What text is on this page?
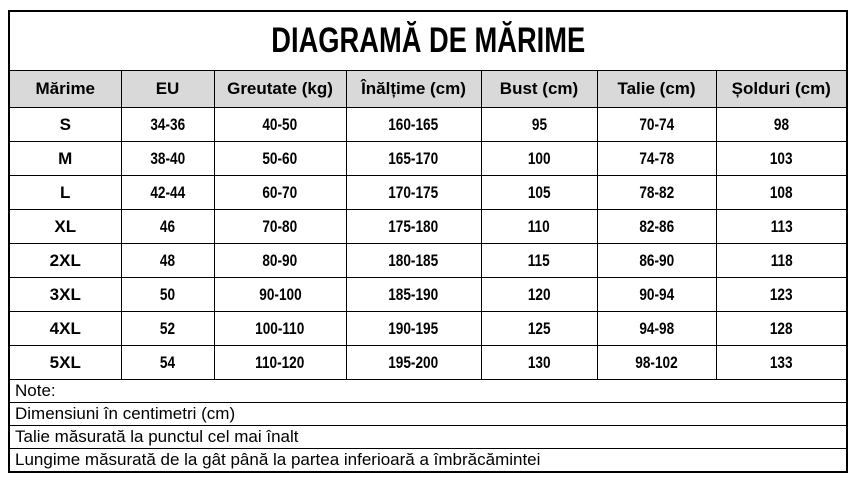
DIAGRAMĂ DE MĂRIME						
Mărime	EU	Greutate (kg)	Înălțime (cm)	Bust (cm)	Talie (cm)	Șolduri (cm)
S	34-36	40-50	160-165	95	70-74	98
M	38-40	50-60	165-170	100	74-78	103
L	42-44	60-70	170-175	105	78-82	108
XL	46	70-80	175-180	110	82-86	113
2XL	48	80-90	180-185	115	86-90	118
3XL	50	90-100	185-190	120	90-94	123
4XL	52	100-110	190-195	125	94-98	128
5XL	54	110-120	195-200	130	98-102	133
Note:						
Dimensiuni în centimetri (cm)						
Talie măsurată la punctul cel mai înalt						
Lungime măsurată de la gât până la partea inferioară a îmbrăcămintei						
